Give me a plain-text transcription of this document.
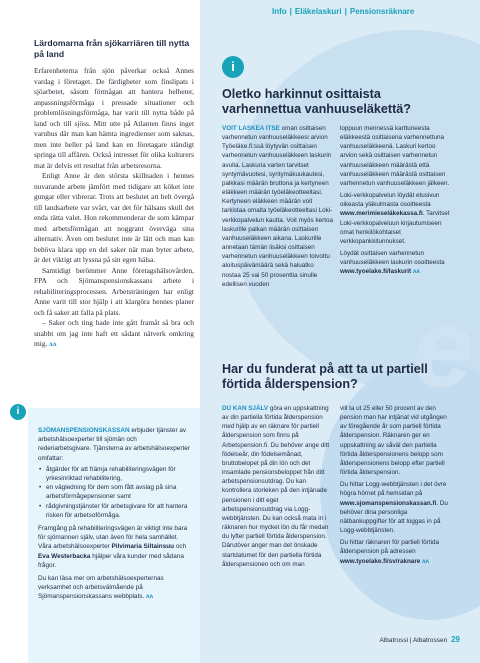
Lärdomarna från sjökarriären till nytta på land

Erfarenheterna från sjön påverkar också Annes vardag i företaget. De färdigheter som finslipats i sjöarbetet, såsom förmågan att hantera helheter, anpassningsförmåga i pressade situationer och problemlösningsförmåga, har varit till nytta både på land och till sjöss. Mitt utte på Atlanten finns inget varuhus där man kan hämta ingredienser som saknas, men inte heller på land kan en företagare ständigt springa till affären. Också intresset för olika kulturers mat är delvis ett resultat från arbetsresorna.

Enligt Anne är den största skillnaden i hennes nuvarande arbete jämfört med tidigare att köket inte gungar eller vibrerar. Trots att beslutet att helt övergå till landsarbete var svårt, var det för hälsans skull det enda rätta valet. Hon rekommenderar de som kämpar med arbetsförmågan att noggrant överväga sina alternativ. Även om beslutet inte är lätt och man kan behöva klara upp en del saker när man byter arbete, är det viktigt att lyssna på sin egen hälsa.

Samtidigt berömmer Anne företagshälsovården, FPA och Sjömanspensionskassans arbete i rehabiliteringsprocessen. Arbetsträningen har enligt Anne varit till stor hjälp i att klargöra hennes planer och få saker att falla på plats.

– Saker och ting hade inte gått framåt så bra och snabbt om jag inte haft ett sådant nätverk omkring mig. ᴧᴧ

i

SJÖMANSPENSIONSKASSAN erbjuder tjänster av arbetshälsoexperter till sjömän och rederiarbetsgivare. Tjänsterna av arbetshälsoexperter omfattar:

• åtgärder för att främja rehabiliteringsvägen för yrkesinriktad rehabilitering,
• en vägledning för dem som fått avslag på sina arbetsförmågepensioner samt
• rådgivningstjänster för arbetsgivare för att hantera risken för arbetsoförmåga.

Framgång på rehabiliteringsvägen är viktigt inte bara för sjömannen själv, utan även för hela samhället. Våra arbetshälsoexperter Pilvimaria Siltainsuu och Eva Westerbacka hjälper våra kunder med sådana frågor.

Du kan läsa mer om arbetshälsoexperternas verksamhet och arbetsvälmående på Sjömanspensionskassans webbplats. ᴧᴧ

e
Info | Eläkelaskuri | Pensionsräknare
i
Oletko harkinnut osittaista varhennettua vanhuuseläkettä?

VOIT LASKEA ITSE oman osittaisen varhennetun vanhuuseläkkeesi arvion Työeläke.fi:ssä löytyvän osittaisen varhennetun vanhuuseläkkeen laskurin avulla. Laskuria varten tarvitset syntymävuotesi, syntymäkuukautesi, palkkasi määrän bruttona ja kertyneen eläkkeen määrän työeläkeotteeltasi. Kertyneen eläkkeen määrän voit tarkistaa omalta työeläkeotteeltasi Loki-verkkopalvelun kautta. Voit myös kertoa laskurille palkan määrän osittaisen vanhuuseläkkeen aikana. Laskurille annetaan tämän lisäksi osittaisen varhennetun vanhuuseläkkeen toivottu aloituspäivämäärä sekä haluatko nostaa 25 vai 50 prosenttia sinulle edellisen vuoden

loppuun mennessä karttuneesta eläkkeestä osittaisena varhennettuna vanhuuseläkkeenä. Laskuri kertoo arvion sekä osittaisen varhennetun vanhuuseläkkeen määrästä että vanhuuseläkkeen määrästä osittaisen varhennetun vanhuuseläkkeen jälkeen.

Loki-verkkopalvelun löydät etusivun oikeasta yläkulmasta osoitteesta www.merimieseläkekassa.fi. Tarvitset Loki-verkkopalveluun kirjautumiseen omat henkilökohtaiset verkkopankkitunnukset.

Löydät osittaisen varhennetun vanhuuseläkkeen laskurin osoitteesta www.tyoelake.fi/laskurit ᴧᴧ

Har du funderat på att ta ut partiell förtida ålderspension?

DU KAN SJÄLV göra en uppskattning av din partiella förtida ålderspension med hjälp av en räknare för partiell ålderspension som finns på Arbetspension.fi. Du behöver ange ditt födelseår, din födelsemånad, bruttobelopet på din lön och det insamlade pensionsbeloppet från ditt arbetspensionsutdrag. Du kan kontrollera storleken på den intjänade pensionen i ditt eget arbetspensionsutdrag via Logg-webbtjänsten. Du kan också mata in i räknaren hur mycket lön du får medan du lyfter partiell förtida ålderspension. Därutöver anger man det önskade startdatumet för den partiella förtida ålderspensionen och om man

vill ta ut 25 eller 50 procent av den pension man har intjänat vid utgången av föregående år som partiell förtida ålderspension. Räknaren ger en uppskattning av såväl den partiella förtida ålderspensionens belopp som ålderspensionens belopp efter partiell förtida ålderspension.

Du hittar Logg-webbtjänsten i det övre högra hörnet på hemsidan på www.sjomanspensionskassan.fi. Du behöver dina personliga nätbankuppgifter för att loggas in på Logg-webbtjänsten.

Du hittar räknaren för partiell förtida ålderspension på adressen www.tyoelake.fi/sv/raknare ᴧᴧ

Albatrossi | Albatrossen 29
